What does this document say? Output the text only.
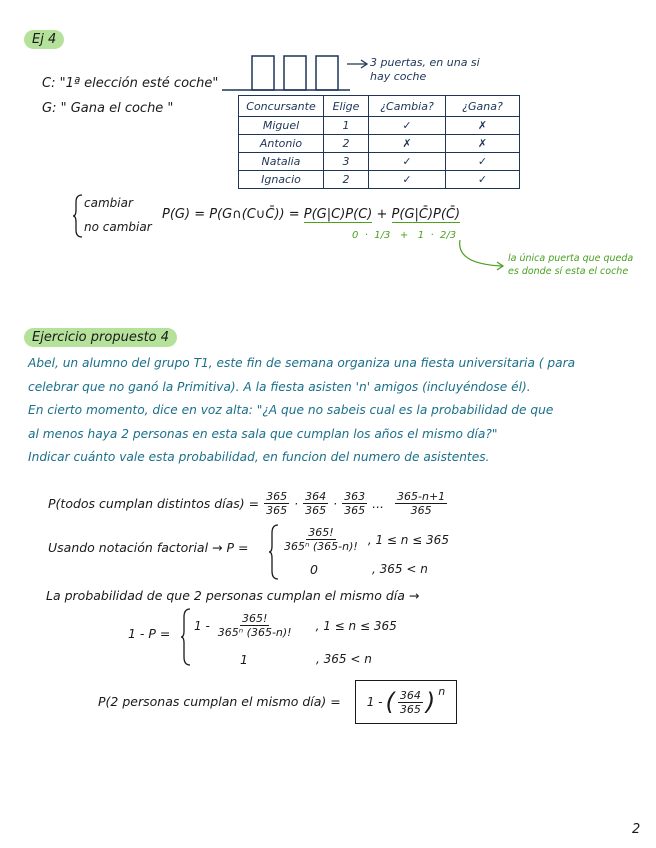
Ej 4
C: "1ª elección esté coche"
G: " Gana el coche "
3 puertas, en una si hay coche
Concursante	Elige	¿Cambia?	¿Gana?
Miguel	1	✓	✗
Antonio	2	✗	✗
Natalia	3	✓	✓
Ignacio	2	✓	✓
cambiar
no cambiar
P(G) = P(G∩(C∪C̄)) = P(G|C)P(C) + P(G|C̄)P(C̄)
0  ·  1/3   +   1  ·  2/3
la única puerta que queda es donde sí esta el coche
Ejercicio propuesto 4
Abel, un alumno del grupo T1, este fin de semana organiza una fiesta universitaria ( para
celebrar que no ganó la Primitiva). A la fiesta asisten 'n' amigos (incluyéndose él).
En cierto momento, dice en voz alta: "¿A que no sabeis cual es la probabilidad de que
al menos haya 2 personas en esta sala que cumplan los años el mismo día?"
Indicar cuánto vale esta probabilidad, en funcion del numero de asistentes.
P(todos cumplan distintos días) = $\frac{365}{365} \cdot \frac{364}{365} \cdot \frac{363}{365}$ ... $\frac{365-n+1}{365}$
Usando notación factorial → P =	$\frac{365!}{\text{365ⁿ (365-n)!}}$ , 1 ≤ n ≤ 365
0	, 365 < n
La probabilidad de que 2 personas cumplan el mismo día →
1 - P =
$1 - \frac{365!}{\text{365ⁿ (365-n)!}}$ , 1 ≤ n ≤ 365
1	, 365 < n
P(2 personas cumplan el mismo día) = 1 - ( $\frac{364}{365}$ ) n
2
